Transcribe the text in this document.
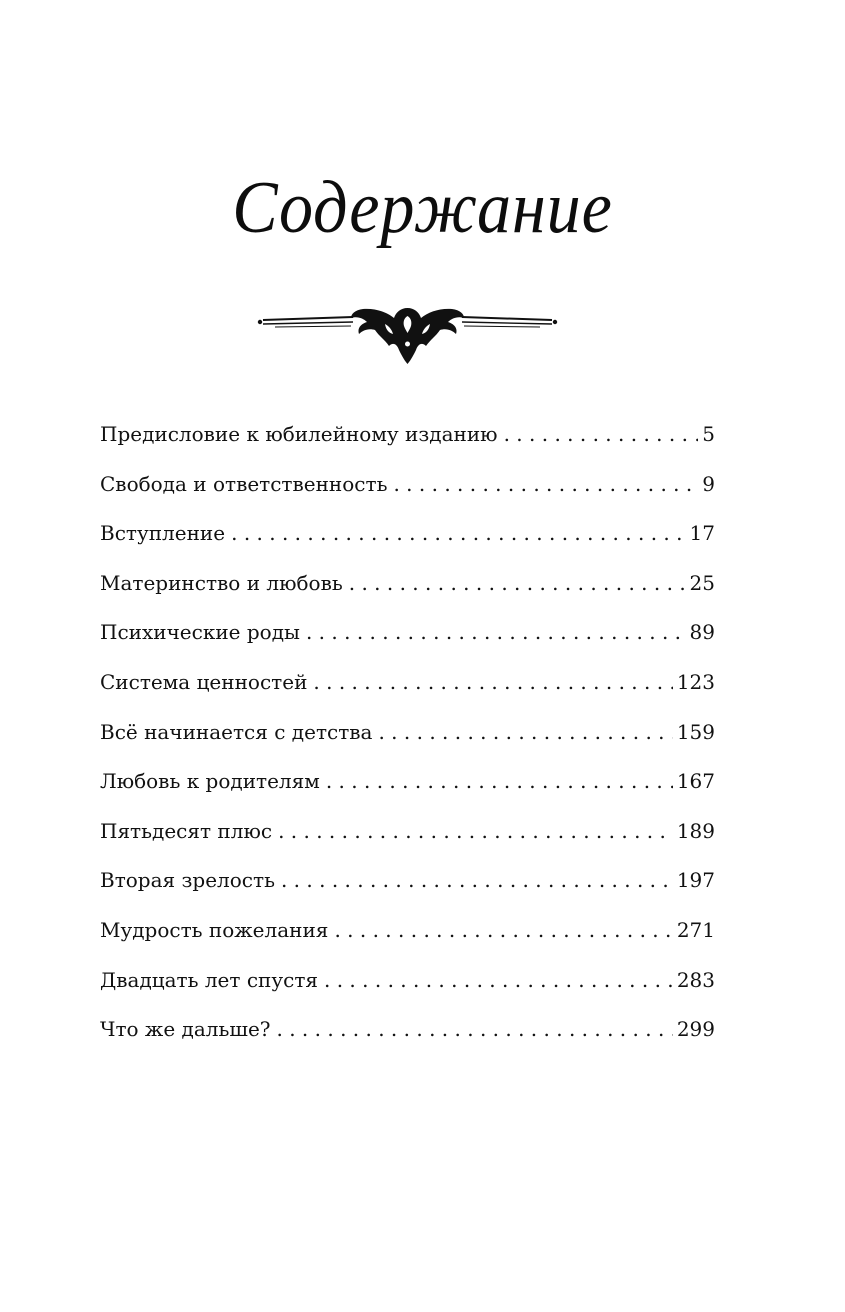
Содержание
Предисловие к юбилейному изданию . . .	5
Свобода и ответственность . . .	9
Вступление . . .	17
Материнство и любовь . . .	25
Психические роды . . .	89
Система ценностей . . .	123
Всё начинается с детства . . .	159
Любовь к родителям . . .	167
Пятьдесят плюс . . .	189
Вторая зрелость . . .	197
Мудрость пожелания . . .	271
Двадцать лет спустя . . .	283
Что же дальше? . . .	299
